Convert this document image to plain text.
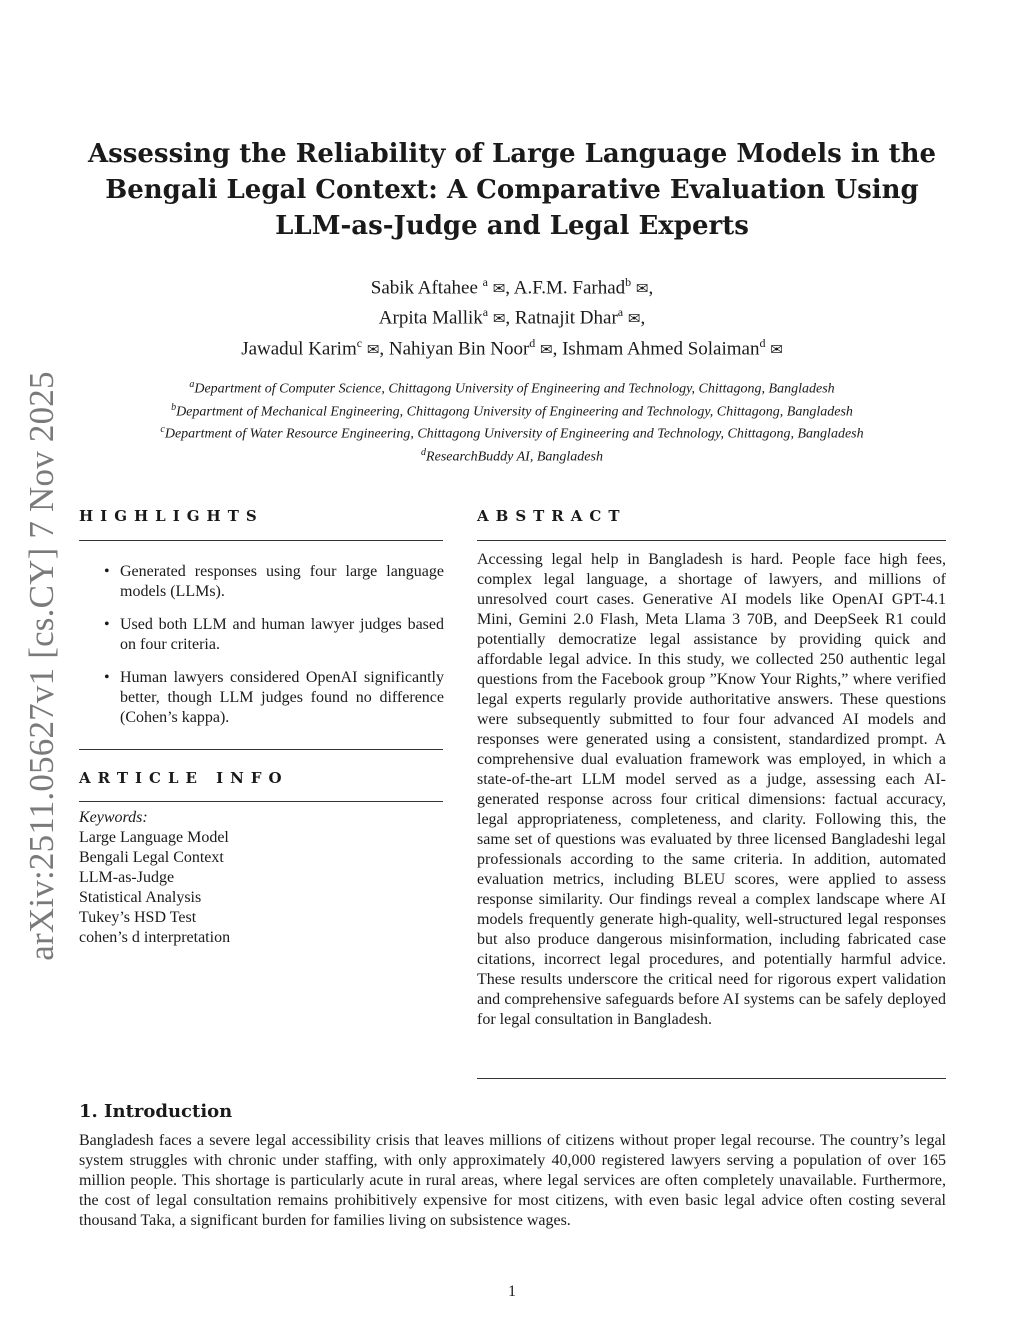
arXiv:2511.05627v1 [cs.CY] 7 Nov 2025
Assessing the Reliability of Large Language Models in the
Bengali Legal Context: A Comparative Evaluation Using
LLM-as-Judge and Legal Experts
Sabik Aftahee $^a$ ✉, A.F.M. Farhad$^b$ ✉,
Arpita Mallik$^a$ ✉, Ratnajit Dhar$^a$ ✉,
Jawadul Karim$^c$ ✉, Nahiyan Bin Noor$^d$ ✉, Ishmam Ahmed Solaiman$^d$ ✉
$^a$Department of Computer Science, Chittagong University of Engineering and Technology, Chittagong, Bangladesh
$^b$Department of Mechanical Engineering, Chittagong University of Engineering and Technology, Chittagong, Bangladesh
$^c$Department of Water Resource Engineering, Chittagong University of Engineering and Technology, Chittagong, Bangladesh
$^d$ResearchBuddy AI, Bangladesh
HIGHLIGHTS
• Generated responses using four large language models (LLMs).
• Used both LLM and human lawyer judges based on four criteria.
• Human lawyers considered OpenAI significantly better, though LLM judges found no difference (Cohen’s kappa).
ARTICLE INFO
Keywords:
Large Language Model
Bengali Legal Context
LLM-as-Judge
Statistical Analysis
Tukey’s HSD Test
cohen’s d interpretation
ABSTRACT

Accessing legal help in Bangladesh is hard. People face high fees, complex legal language, a shortage of lawyers, and millions of unresolved court cases. Generative AI models like OpenAI GPT-4.1 Mini, Gemini 2.0 Flash, Meta Llama 3 70B, and DeepSeek R1 could potentially democratize legal assistance by providing quick and affordable legal advice. In this study, we collected 250 authentic legal questions from the Facebook group ”Know Your Rights,” where verified legal experts regularly provide authoritative answers. These questions were subsequently submitted to four four advanced AI models and responses were generated using a consistent, standardized prompt. A comprehensive dual evaluation framework was employed, in which a state-of-the-art LLM model served as a judge, assessing each AI-generated response across four critical dimensions: factual accuracy, legal appropriateness, completeness, and clarity. Following this, the same set of questions was evaluated by three licensed Bangladeshi legal professionals according to the same criteria. In addition, automated evaluation metrics, including BLEU scores, were applied to assess response similarity. Our findings reveal a complex landscape where AI models frequently generate high-quality, well-structured legal responses but also produce dangerous misinformation, including fabricated case citations, incorrect legal procedures, and potentially harmful advice. These results underscore the critical need for rigorous expert validation and comprehensive safeguards before AI systems can be safely deployed for legal consultation in Bangladesh.

1. Introduction

Bangladesh faces a severe legal accessibility crisis that leaves millions of citizens without proper legal recourse. The country’s legal system struggles with chronic under staffing, with only approximately 40,000 registered lawyers serving a population of over 165 million people. This shortage is particularly acute in rural areas, where legal services are often completely unavailable. Furthermore, the cost of legal consultation remains prohibitively expensive for most citizens, with even basic legal advice often costing several thousand Taka, a significant burden for families living on subsistence wages.

1
